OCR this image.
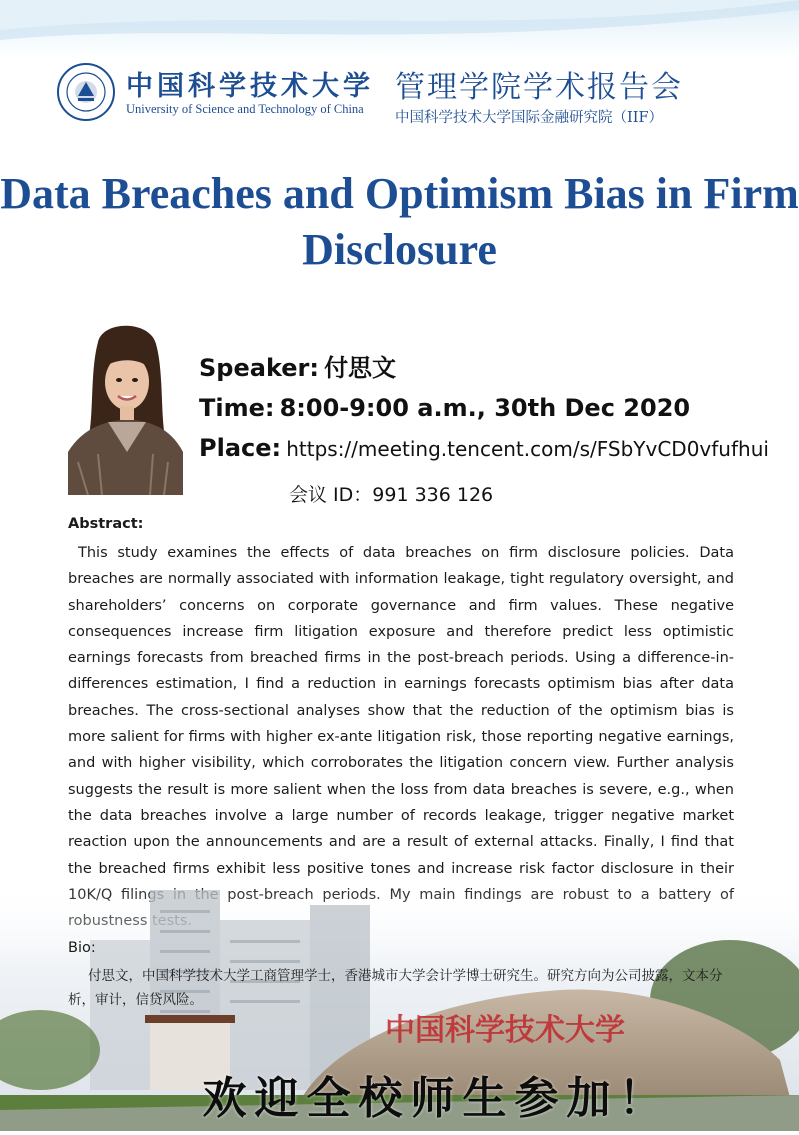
中国科学技术大学
University of Science and Technology of China
管理学院学术报告会
中国科学技术大学国际金融研究院（IIF）
Data Breaches and Optimism Bias in Firm Disclosure
Speaker: 付思文
Time: 8:00-9:00 a.m., 30th Dec 2020
Place: https://meeting.tencent.com/s/FSbYvCD0vfufhui
会议 ID：991 336 126
Abstract:

This study examines the effects of data breaches on firm disclosure policies. Data breaches are normally associated with information leakage, tight regulatory oversight, and shareholders’ concerns on corporate governance and firm values. These negative consequences increase firm litigation exposure and therefore predict less optimistic earnings forecasts from breached firms in the post-breach periods. Using a difference-in-differences estimation, I find a reduction in earnings forecasts optimism bias after data breaches. The cross-sectional analyses show that the reduction of the optimism bias is more salient for firms with higher ex-ante litigation risk, those reporting negative earnings, and with higher visibility, which corroborates the litigation concern view. Further analysis suggests the result is more salient when the loss from data breaches is severe, e.g., when the data breaches involve a large number of records leakage, trigger negative market reaction upon the announcements and are a result of external attacks. Finally, I find that the breached firms exhibit less positive tones and increase risk factor disclosure in their

中国科学技术大学
Bio:
付思文，中国科学技术大学工商管理学士，香港城市大学会计学博士研究生。研究方向为公司披露，文本分析，审计，信贷风险。
欢迎全校师生参加！
